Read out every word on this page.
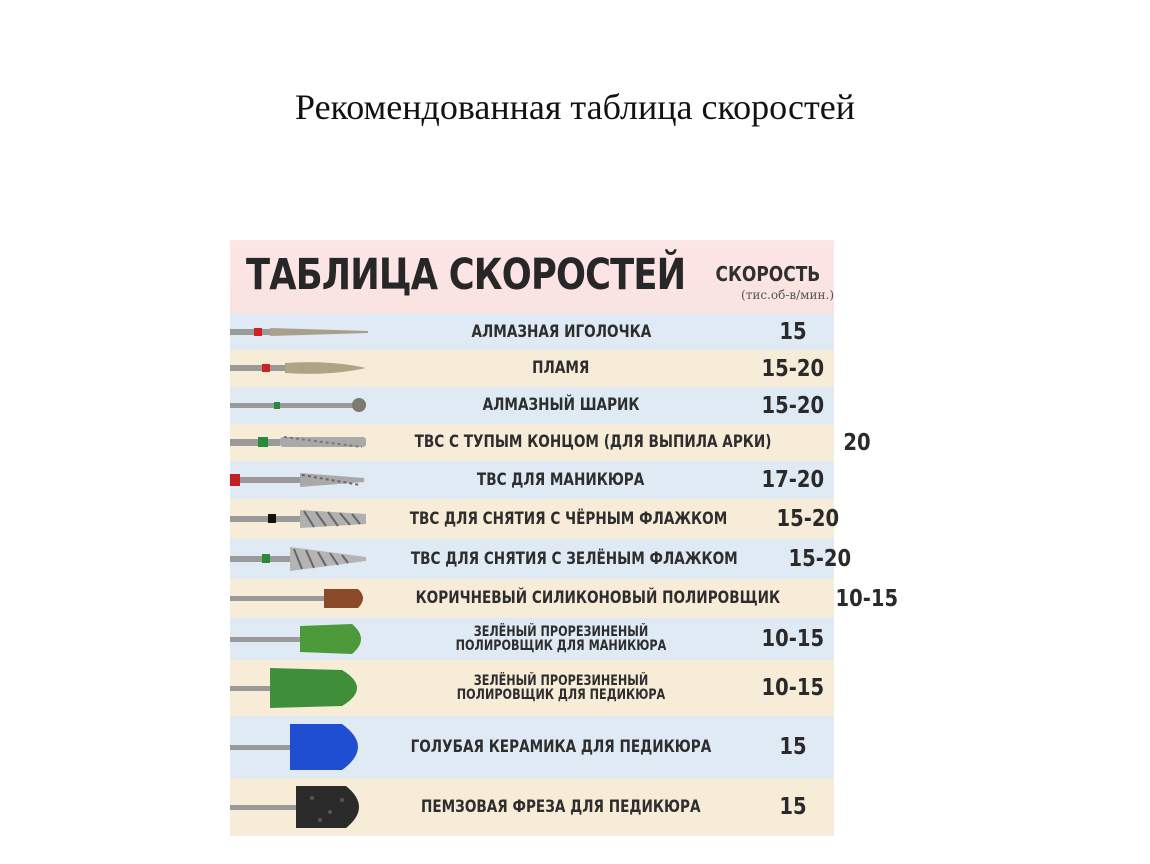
Рекомендованная таблица скоростей
ТАБЛИЦА СКОРОСТЕЙ СКОРОСТЬ
(тис.об-в/мин.)
АЛМАЗНАЯ ИГОЛОЧКА	15
ПЛАМЯ	15-20
АЛМАЗНЫЙ ШАРИК	15-20
ТВС С ТУПЫМ КОНЦОМ (ДЛЯ ВЫПИЛА АРКИ)	20
ТВС ДЛЯ МАНИКЮРА	17-20
ТВС ДЛЯ СНЯТИЯ С ЧЁРНЫМ ФЛАЖКОМ	15-20
ТВС ДЛЯ СНЯТИЯ С ЗЕЛЁНЫМ ФЛАЖКОМ	15-20
КОРИЧНЕВЫЙ СИЛИКОНОВЫЙ ПОЛИРОВЩИК	10-15
ЗЕЛЁНЫЙ ПРОРЕЗИНЕНЫЙ ПОЛИРОВЩИК ДЛЯ МАНИКЮРА	10-15
ЗЕЛЁНЫЙ ПРОРЕЗИНЕНЫЙ ПОЛИРОВЩИК ДЛЯ ПЕДИКЮРА	10-15
ГОЛУБАЯ КЕРАМИКА ДЛЯ ПЕДИКЮРА	15
ПЕМЗОВАЯ ФРЕЗА ДЛЯ ПЕДИКЮРА	15
